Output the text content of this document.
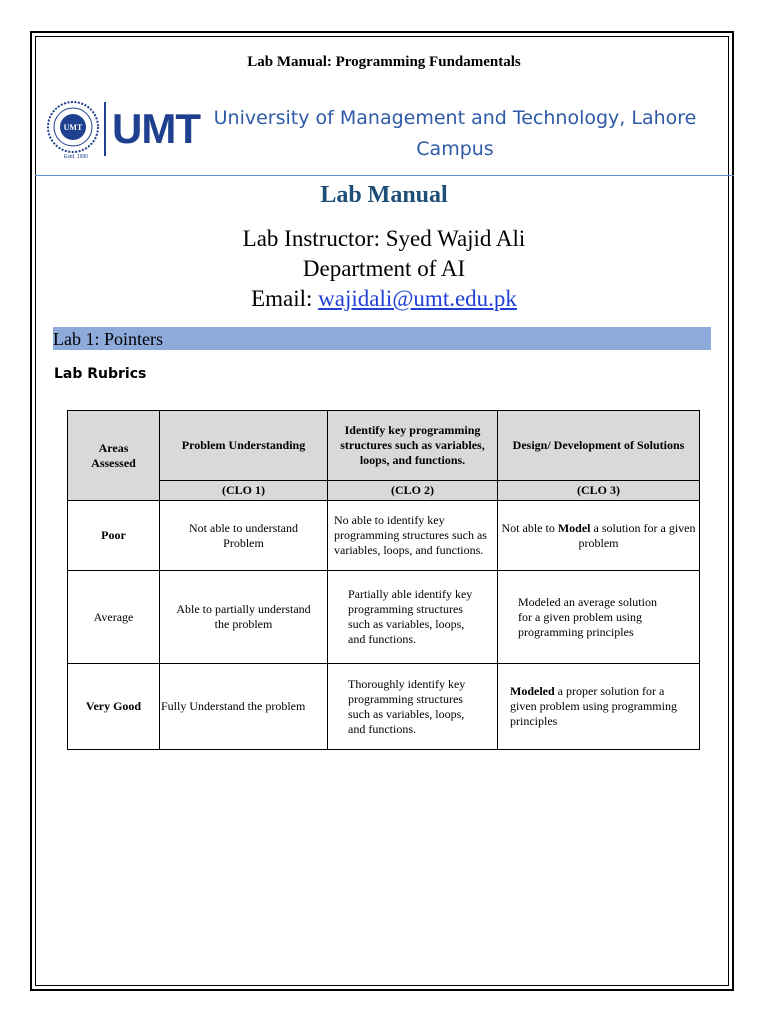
Lab Manual: Programming Fundamentals
UMT
Estd. 1990
UMT University of Management and Technology, Lahore
Campus
Lab Manual
Lab Instructor: Syed Wajid Ali
Department of AI
Email: wajidali@umt.edu.pk
Lab 1: Pointers
Lab Rubrics
Areas Assessed	Problem Understanding	Identify key programming structures such as variables, loops, and functions.	Design/ Development of Solutions
	(CLO 1)	(CLO 2)	(CLO 3)
Poor	Not able to understand Problem	No able to identify key programming structures such as variables, loops, and functions.	Not able to Model a solution for a given problem
Average	Able to partially understand the problem	Partially able identify key programming structures such as variables, loops, and functions.	Modeled an average solution for a given problem using programming principles
Very Good	Fully Understand the problem	Thoroughly identify key programming structures such as variables, loops, and functions.	Modeled a proper solution for a given problem using programming principles
